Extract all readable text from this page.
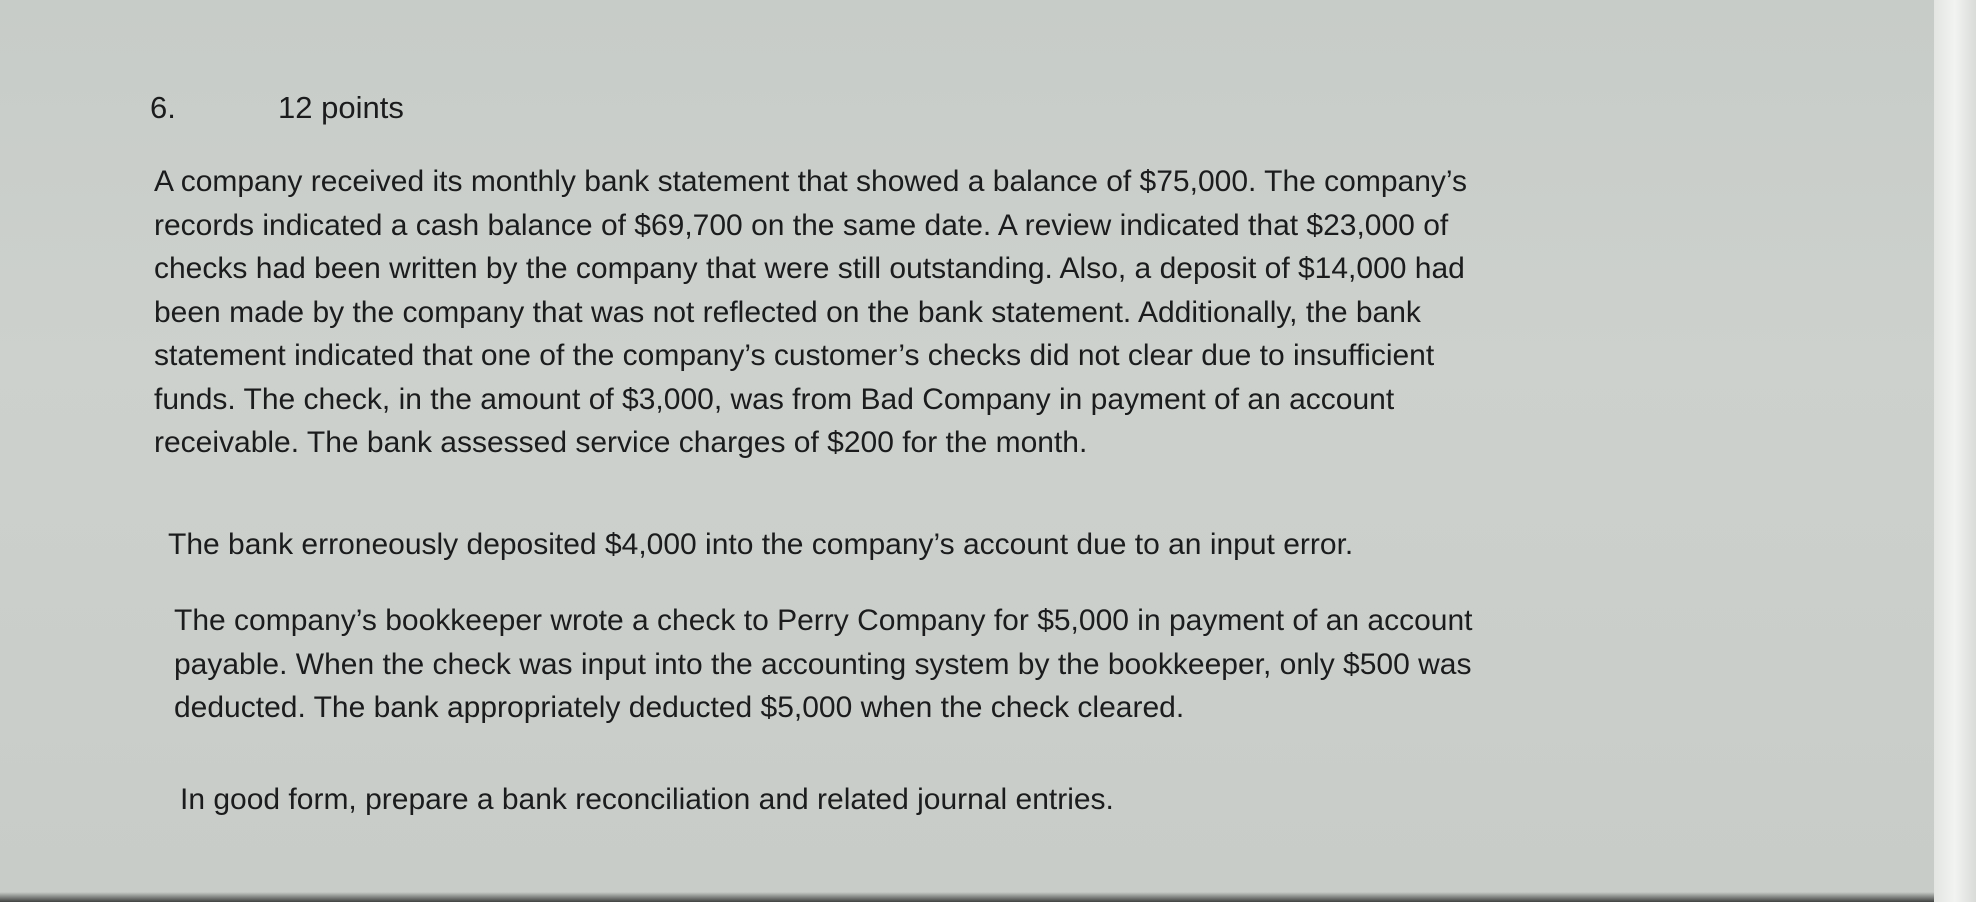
6.	12 points

A company received its monthly bank statement that showed a balance of $75,000. The company’s
records indicated a cash balance of $69,700 on the same date. A review indicated that $23,000 of
checks had been written by the company that were still outstanding. Also, a deposit of $14,000 had
been made by the company that was not reflected on the bank statement. Additionally, the bank
statement indicated that one of the company’s customer’s checks did not clear due to insufficient
funds. The check, in the amount of $3,000, was from Bad Company in payment of an account
receivable. The bank assessed service charges of $200 for the month.

The bank erroneously deposited $4,000 into the company’s account due to an input error.

The company’s bookkeeper wrote a check to Perry Company for $5,000 in payment of an account
payable. When the check was input into the accounting system by the bookkeeper, only $500 was
deducted. The bank appropriately deducted $5,000 when the check cleared.

In good form, prepare a bank reconciliation and related journal entries.
